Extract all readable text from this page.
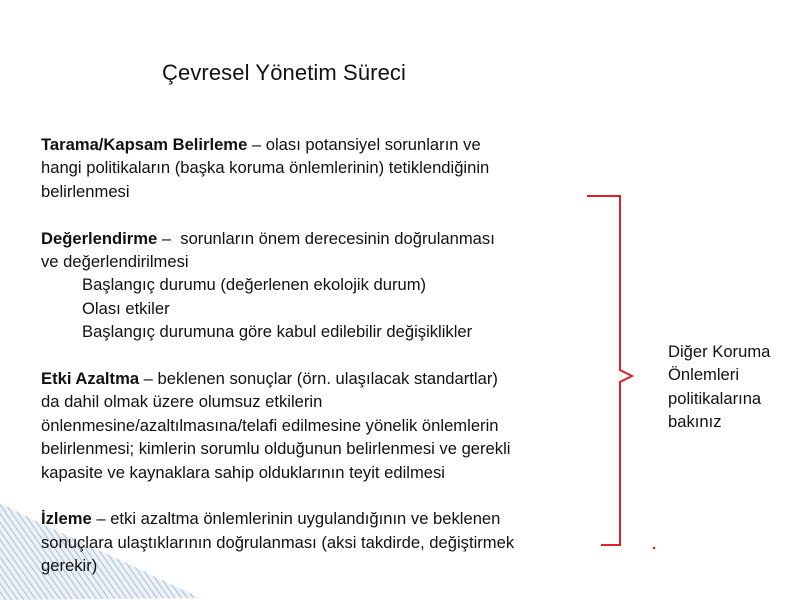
Çevresel Yönetim Süreci

Tarama/Kapsam Belirleme – olası potansiyel sorunların ve
hangi politikaların (başka koruma önlemlerinin) tetiklendiğinin
belirlenmesi

Değerlendirme –  sorunların önem derecesinin doğrulanması
ve değerlendirilmesi

Başlangıç durumu (değerlenen ekolojik durum)
Olası etkiler
Başlangıç durumuna göre kabul edilebilir değişiklikler

Etki Azaltma – beklenen sonuçlar (örn. ulaşılacak standartlar)
da dahil olmak üzere olumsuz etkilerin
önlenmesine/azaltılmasına/telafi edilmesine yönelik önlemlerin
belirlenmesi; kimlerin sorumlu olduğunun belirlenmesi ve gerekli
kapasite ve kaynaklara sahip olduklarının teyit edilmesi

İzleme – etki azaltma önlemlerinin uygulandığının ve beklenen
sonuçlara ulaştıklarının doğrulanması (aksi takdirde, değiştirmek
gerekir)

Diğer Koruma
Önlemleri
politikalarına
bakınız
